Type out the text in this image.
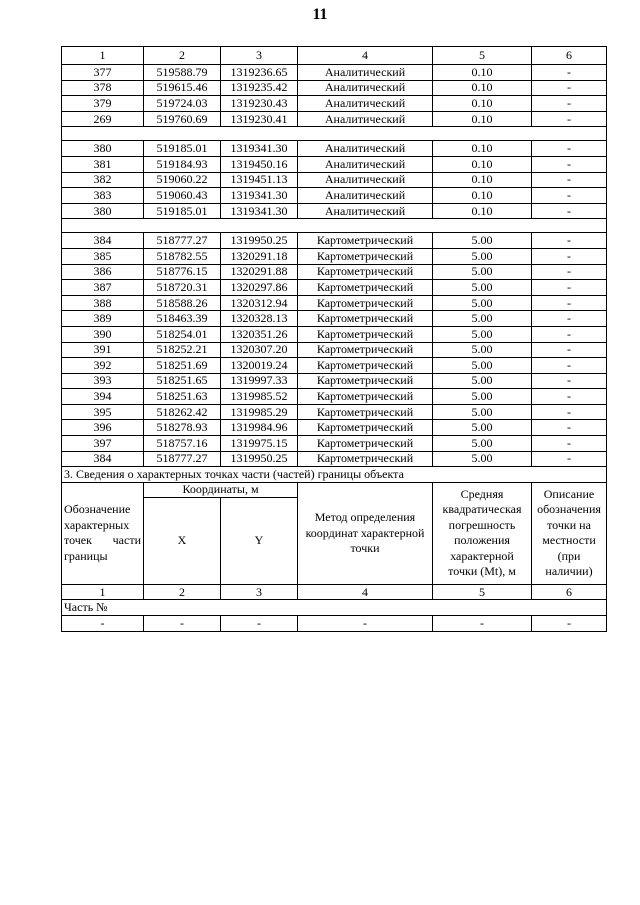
11
1	2	3	4	5	6
377	519588.79	1319236.65	Аналитический	0.10	-
378	519615.46	1319235.42	Аналитический	0.10	-
379	519724.03	1319230.43	Аналитический	0.10	-
269	519760.69	1319230.41	Аналитический	0.10	-

380	519185.01	1319341.30	Аналитический	0.10	-
381	519184.93	1319450.16	Аналитический	0.10	-
382	519060.22	1319451.13	Аналитический	0.10	-
383	519060.43	1319341.30	Аналитический	0.10	-
380	519185.01	1319341.30	Аналитический	0.10	-

384	518777.27	1319950.25	Картометрический	5.00	-
385	518782.55	1320291.18	Картометрический	5.00	-
386	518776.15	1320291.88	Картометрический	5.00	-
387	518720.31	1320297.86	Картометрический	5.00	-
388	518588.26	1320312.94	Картометрический	5.00	-
389	518463.39	1320328.13	Картометрический	5.00	-
390	518254.01	1320351.26	Картометрический	5.00	-
391	518252.21	1320307.20	Картометрический	5.00	-
392	518251.69	1320019.24	Картометрический	5.00	-
393	518251.65	1319997.33	Картометрический	5.00	-
394	518251.63	1319985.52	Картометрический	5.00	-
395	518262.42	1319985.29	Картометрический	5.00	-
396	518278.93	1319984.96	Картометрический	5.00	-
397	518757.16	1319975.15	Картометрический	5.00	-
384	518777.27	1319950.25	Картометрический	5.00	-
3. Сведения о характерных точках части (частей) границы объекта					
Обозначение характерных точек части границы	Координаты, м		Метод определения координат характерной точки	Средняя квадратическая погрешность положения характерной точки (Mt), м	Описание обозначения точки на местности (при наличии)
	X	Y			
1	2	3	4	5	6
Часть №					
-	-	-	-	-	-
